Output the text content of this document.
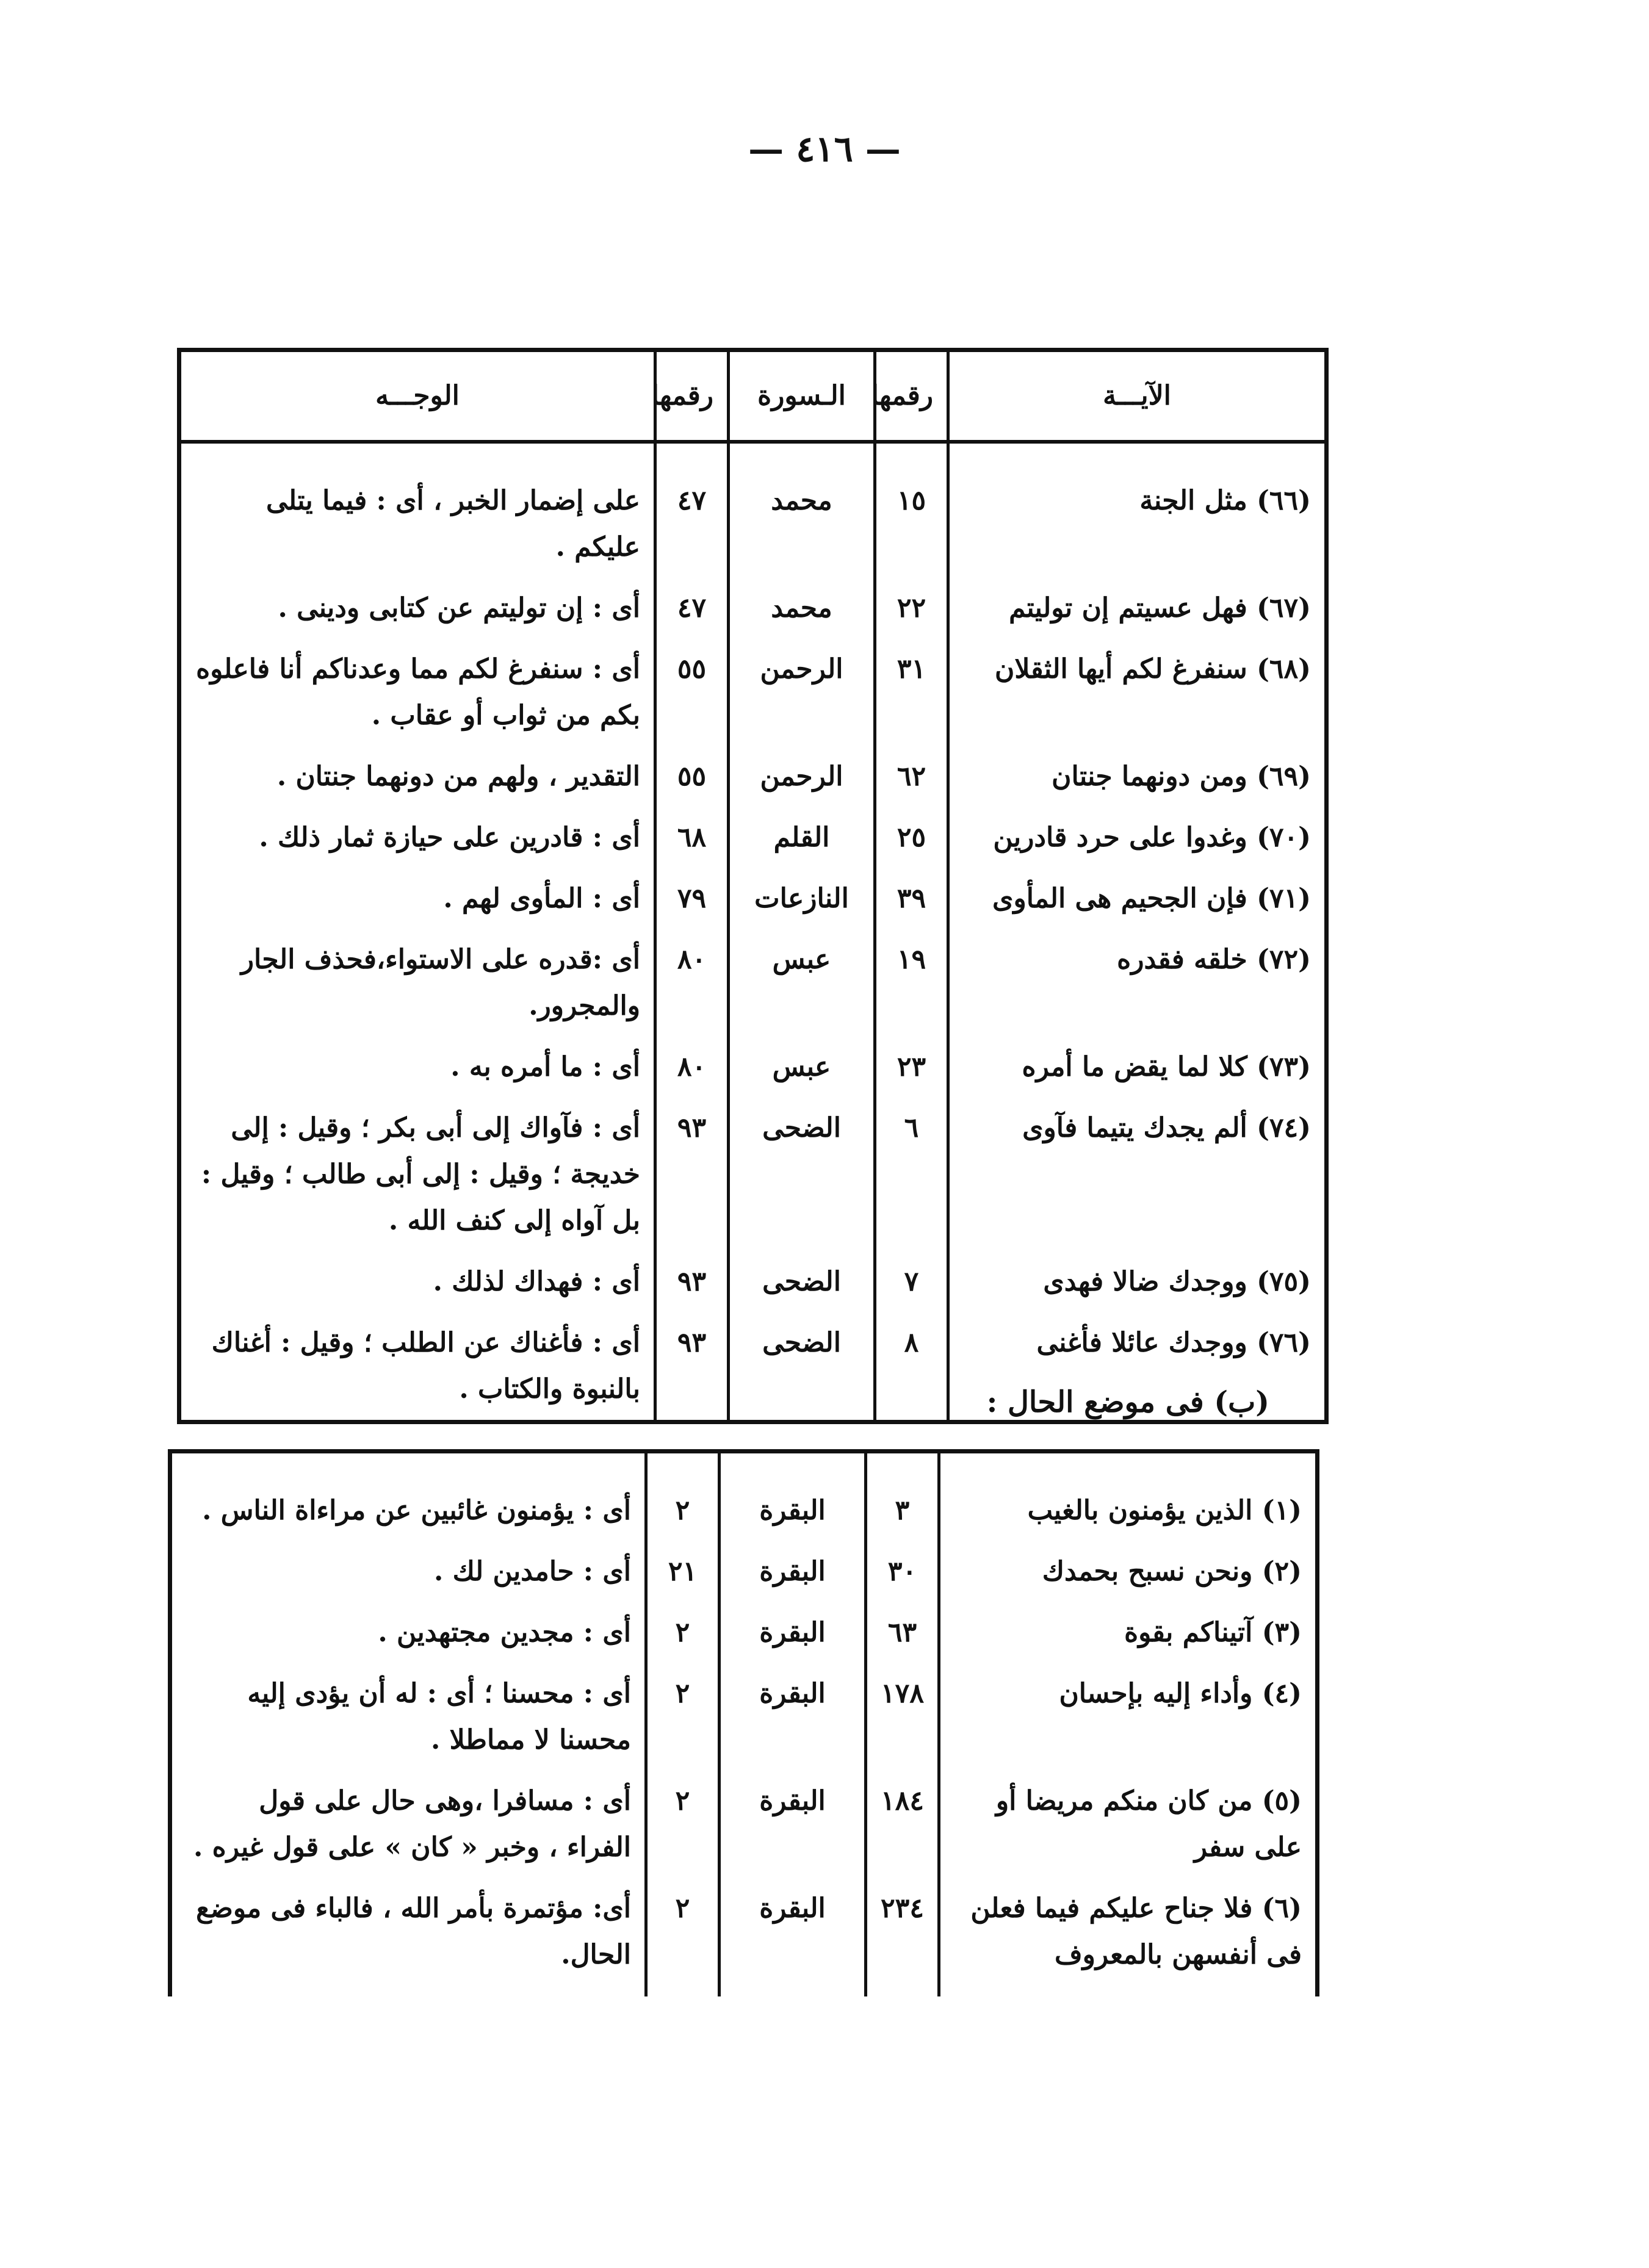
— ٤١٦ —
الآيـــة	رقمها	الـسورة	رقمها	الوجـــه
(٦٦) مثل الجنة	١٥	محمد	٤٧	على إضمار الخبر ، أى : فيما يتلى عليكم .
(٦٧) فهل عسيتم إن توليتم	٢٢	محمد	٤٧	أى : إن توليتم عن كتابى ودينى .
(٦٨) سنفرغ لكم أيها الثقلان	٣١	الرحمن	٥٥	أى : سنفرغ لكم مما وعدناكم أنا فاعلوه بكم من ثواب أو عقاب .
(٦٩) ومن دونهما جنتان	٦٢	الرحمن	٥٥	التقدير ، ولهم من دونهما جنتان .
(٧٠) وغدوا على حرد قادرين	٢٥	القلم	٦٨	أى : قادرين على حيازة ثمار ذلك .
(٧١) فإن الجحيم هى المأوى	٣٩	النازعات	٧٩	أى : المأوى لهم .
(٧٢) خلقه فقدره	١٩	عبس	٨٠	أى :قدره على الاستواء،فحذف الجار والمجرور.
(٧٣) كلا لما يقض ما أمره	٢٣	عبس	٨٠	أى : ما أمره به .
(٧٤) ألم يجدك يتيما فآوى	٦	الضحى	٩٣	أى : فآواك إلى أبى بكر ؛ وقيل : إلى خديجة ؛ وقيل : إلى أبى طالب ؛ وقيل : بل آواه إلى كنف الله .
(٧٥) ووجدك ضالا فهدى	٧	الضحى	٩٣	أى : فهداك لذلك .
(٧٦) ووجدك عائلا فأغنى	٨	الضحى	٩٣	أى : فأغناك عن الطلب ؛ وقيل : أغناك بالنبوة والكتاب .	(ب) فى موضع الحال :
(١) الذين يؤمنون بالغيب	٣	البقرة	٢	أى : يؤمنون غائبين عن مراءاة الناس .
(٢) ونحن نسبح بحمدك	٣٠	البقرة	٢١	أى : حامدين لك .
(٣) آتيناكم بقوة	٦٣	البقرة	٢	أى : مجدين مجتهدين .
(٤) وأداء إليه بإحسان	١٧٨	البقرة	٢	أى : محسنا ؛ أى : له أن يؤدى إليه محسنا لا مماطلا .
(٥) من كان منكم مريضا أو على سفر	١٨٤	البقرة	٢	أى : مسافرا ،وهى حال على قول الفراء ، وخبر « كان » على قول غيره .
(٦) فلا جناح عليكم فيما فعلن فى أنفسهن بالمعروف	٢٣٤	البقرة	٢	أى: مؤتمرة بأمر الله ، فالباء فى موضع الحال.
